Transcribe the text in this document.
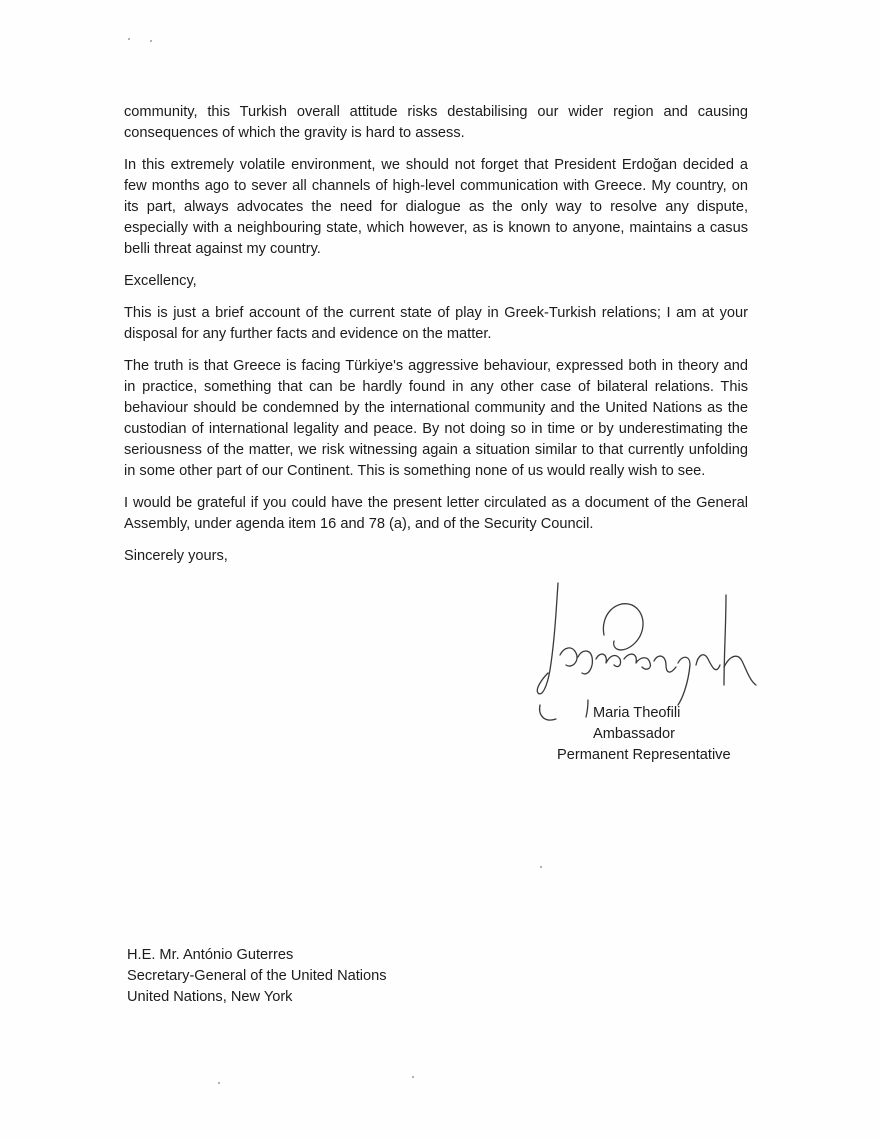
community, this Turkish overall attitude risks destabilising our wider region and causing consequences of which the gravity is hard to assess.

In this extremely volatile environment, we should not forget that President Erdoğan decided a few months ago to sever all channels of high-level communication with Greece. My country, on its part, always advocates the need for dialogue as the only way to resolve any dispute, especially with a neighbouring state, which however, as is known to anyone, maintains a casus belli threat against my country.

Excellency,

This is just a brief account of the current state of play in Greek-Turkish relations; I am at your disposal for any further facts and evidence on the matter.

The truth is that Greece is facing Türkiye's aggressive behaviour, expressed both in theory and in practice, something that can be hardly found in any other case of bilateral relations. This behaviour should be condemned by the international community and the United Nations as the custodian of international legality and peace. By not doing so in time or by underestimating the seriousness of the matter, we risk witnessing again a situation similar to that currently unfolding in some other part of our Continent. This is something none of us would really wish to see.

I would be grateful if you could have the present letter circulated as a document of the General Assembly, under agenda item 16 and 78 (a), and of the Security Council.

Sincerely yours,

Maria Theofili
Ambassador
Permanent Representative
H.E. Mr. António Guterres
Secretary-General of the United Nations
United Nations, New York
